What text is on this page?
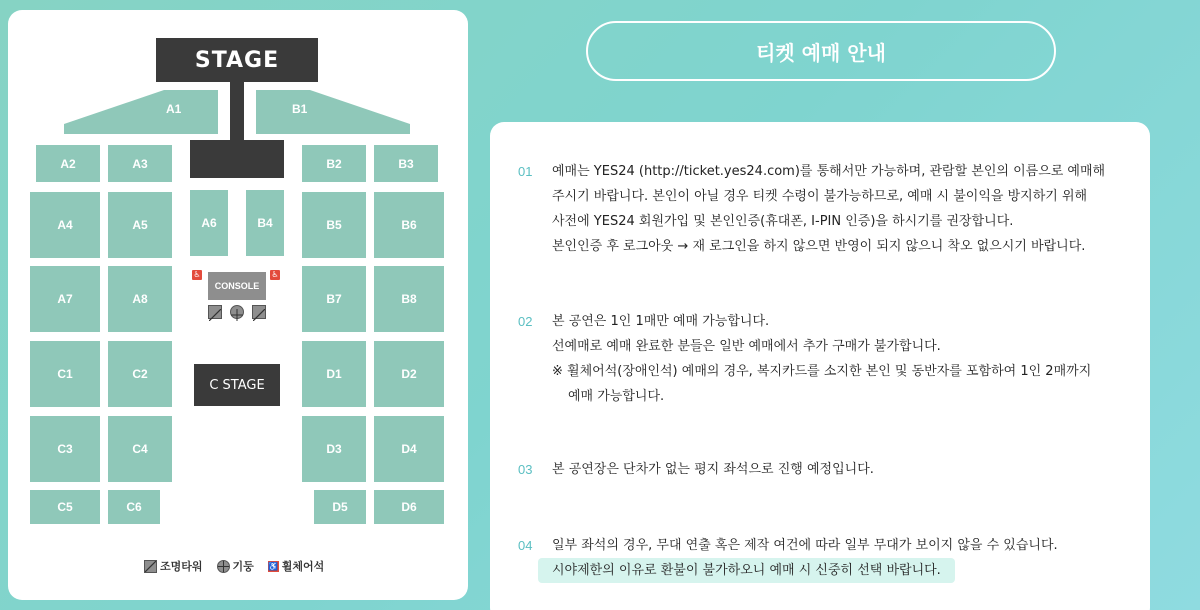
STAGE
A1	B1
A2	A3	B2	B3
A4	A5	A6	B4	B5	B6
A7	A8	B7	B8
♿	♿
CONSOLE
C1	C2
C STAGE
D1	D2
C3	C4	D3	D4
C5	C6	D5	D6
조명타워	기둥 ♿ 휠체어석
티켓 예매 안내
01	예매는 YES24 (http://ticket.yes24.com)를 통해서만 가능하며, 관람할 본인의 이름으로 예매해
주시기 바랍니다. 본인이 아닐 경우 티켓 수령이 불가능하므로, 예매 시 불이익을 방지하기 위해
사전에 YES24 회원가입 및 본인인증(휴대폰, I-PIN 인증)을 하시기를 권장합니다.
본인인증 후 로그아웃 → 재 로그인을 하지 않으면 반영이 되지 않으니 착오 없으시기 바랍니다.
02	본 공연은 1인 1매만 예매 가능합니다.
선예매로 예매 완료한 분들은 일반 예매에서 추가 구매가 불가합니다.
※ 휠체어석(장애인석) 예매의 경우, 복지카드를 소지한 본인 및 동반자를 포함하여 1인 2매까지
예매 가능합니다.
03	본 공연장은 단차가 없는 평지 좌석으로 진행 예정입니다.
04	일부 좌석의 경우, 무대 연출 혹은 제작 여건에 따라 일부 무대가 보이지 않을 수 있습니다.
시야제한의 이유로 환불이 불가하오니 예매 시 신중히 선택 바랍니다.
